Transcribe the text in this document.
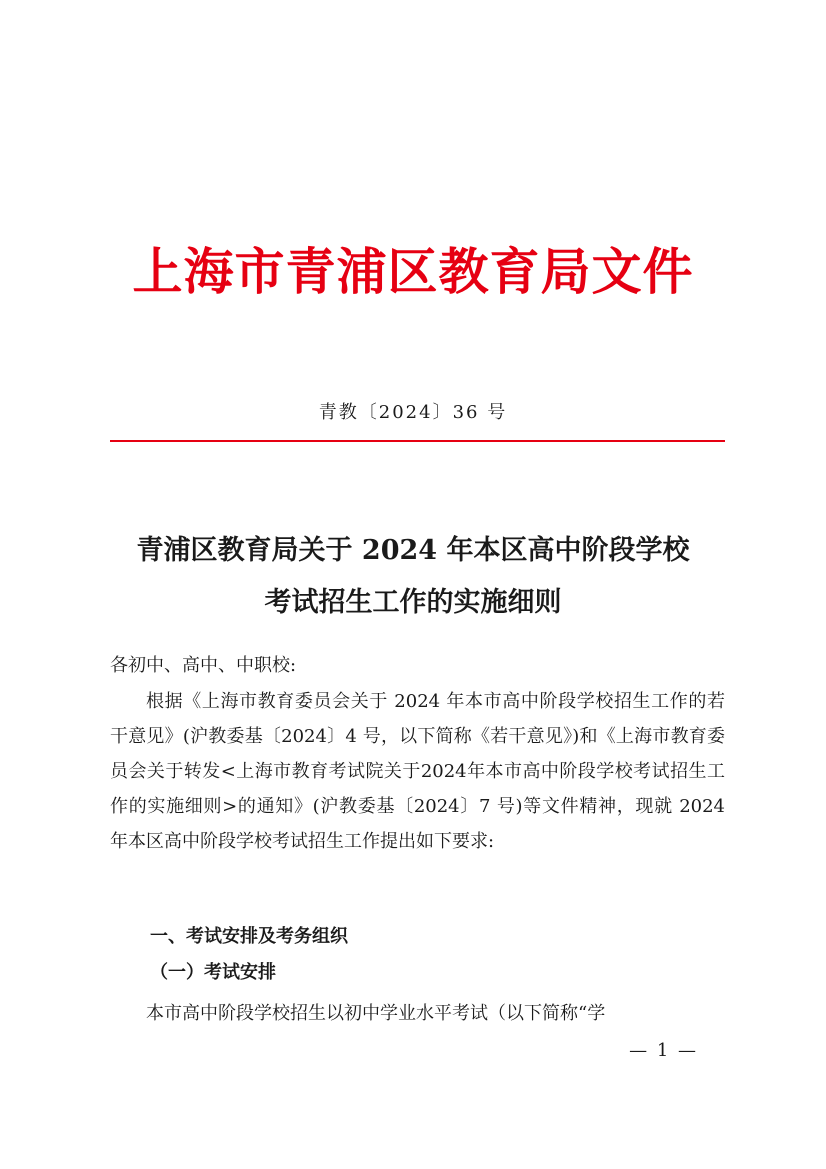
上海市青浦区教育局文件
青教〔2024〕36 号
青浦区教育局关于 2024 年本区高中阶段学校
考试招生工作的实施细则
各初中、高中、中职校:
根据《上海市教育委员会关于 2024 年本市高中阶段学校招生工作的若干意见》(沪教委基〔2024〕4 号，以下简称《若干意见》)和《上海市教育委员会关于转发<上海市教育考试院关于2024年本市高中阶段学校考试招生工作的实施细则>的通知》(沪教委基〔2024〕7 号)等文件精神，现就 2024 年本区高中阶段学校考试招生工作提出如下要求:
一、考试安排及考务组织
（一）考试安排
本市高中阶段学校招生以初中学业水平考试（以下简称“学
— 1 —
